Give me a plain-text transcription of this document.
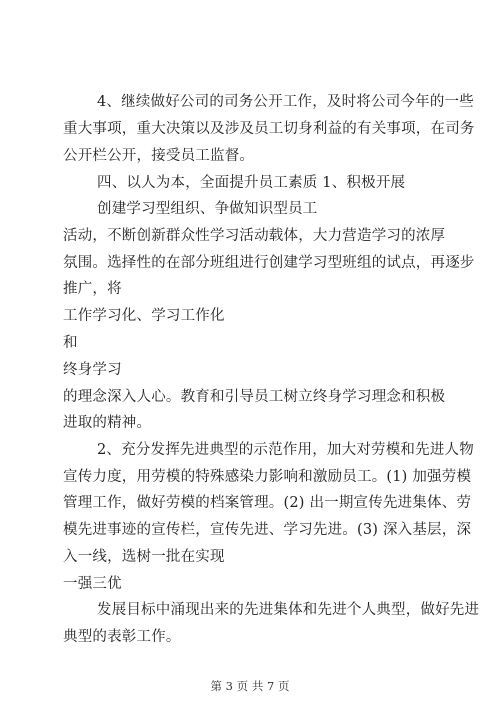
4、继续做好公司的司务公开工作，及时将公司今年的一些
重大事项，重大决策以及涉及员工切身利益的有关事项，在司务
公开栏公开，接受员工监督。
四、以人为本，全面提升员工素质 1、积极开展
创建学习型组织、争做知识型员工
活动，不断创新群众性学习活动载体，大力营造学习的浓厚
氛围。选择性的在部分班组进行创建学习型班组的试点，再逐步
推广，将
工作学习化、学习工作化
和
终身学习
的理念深入人心。教育和引导员工树立终身学习理念和积极
进取的精神。
2、充分发挥先进典型的示范作用，加大对劳模和先进人物
宣传力度，用劳模的特殊感染力影响和激励员工。(1) 加强劳模
管理工作，做好劳模的档案管理。(2) 出一期宣传先进集体、劳
模先进事迹的宣传栏，宣传先进、学习先进。(3) 深入基层，深
入一线，选树一批在实现
一强三优
发展目标中涌现出来的先进集体和先进个人典型，做好先进
典型的表彰工作。
第 3 页 共 7 页
